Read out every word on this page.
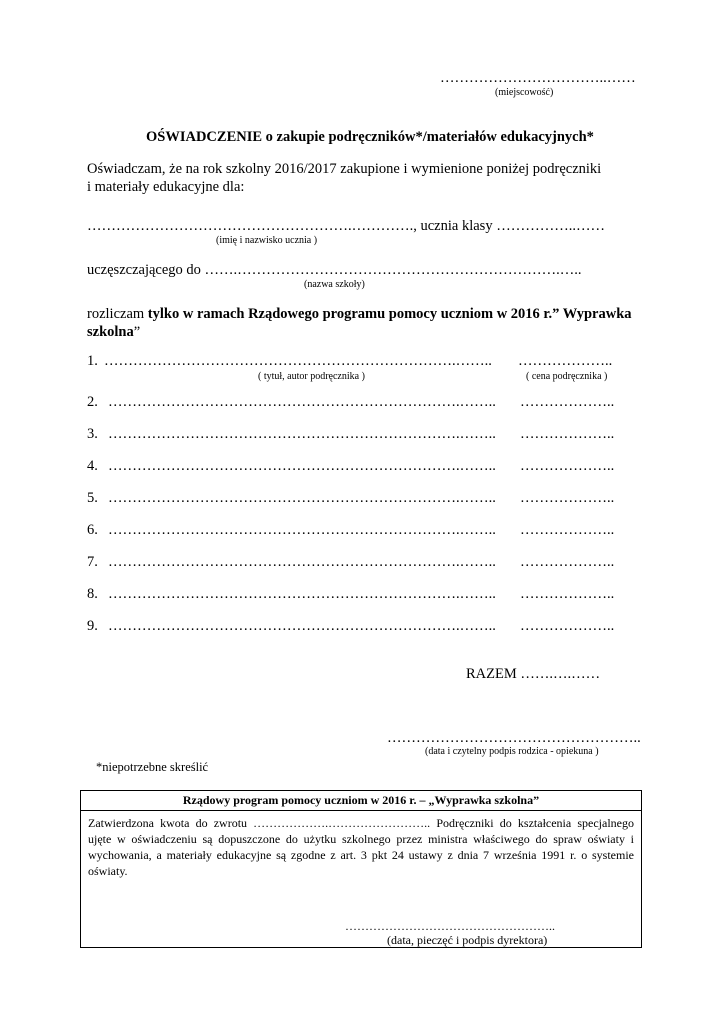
……………………………..……
(miejscowość)
OŚWIADCZENIE o zakupie podręczników*/materiałów edukacyjnych*
Oświadczam, że na rok szkolny 2016/2017 zakupione i wymienione poniżej podręczniki
i materiały edukacyjne dla:
……………………………………………….…………., ucznia klasy ……………..……
(imię i nazwisko ucznia )
uczęszczającego do …….………………………………………………………….…..
(nazwa szkoły)
rozliczam tylko w ramach Rządowego programu pomocy uczniom w 2016 r.” Wyprawka
szkolna”
1. ……………………………………………………………….…….. ………………..
( tytuł, autor podręcznika )	( cena podręcznika )
2. ……………………………………………………………….…….. ………………..
3. ……………………………………………………………….…….. ………………..
4. ……………………………………………………………….…….. ………………..
5. ……………………………………………………………….…….. ………………..
6. ……………………………………………………………….…….. ………………..
7. ……………………………………………………………….…….. ………………..
8. ……………………………………………………………….…….. ………………..
9. ……………………………………………………………….…….. ………………..
RAZEM …….….……
……………………………………………..
(data i czytelny podpis rodzica - opiekuna )
*niepotrzebne skreślić
Rządowy program pomocy uczniom w 2016 r. – „Wyprawka szkolna”
Zatwierdzona kwota do zwrotu ……………….…………………….. Podręczniki do kształcenia specjalnego ujęte w oświadczeniu są dopuszczone do użytku szkolnego przez ministra właściwego do spraw oświaty i wychowania, a materiały edukacyjne są zgodne z art. 3 pkt 24 ustawy z dnia 7 września 1991 r. o systemie oświaty.
……………………………………………..
(data, pieczęć i podpis dyrektora)
